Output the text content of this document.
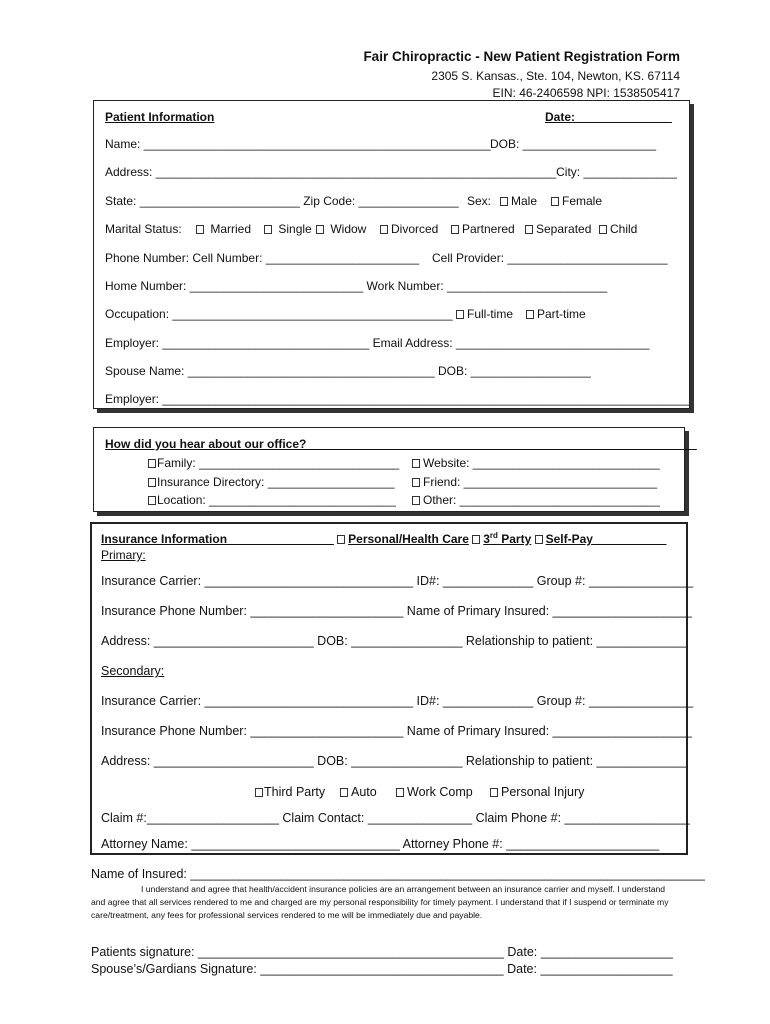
Fair Chiropractic - New Patient Registration Form
2305 S. Kansas., Ste. 104, Newton, KS. 67114
EIN: 46-2406598 NPI: 1538505417
Patient Information	Date: ______________
Name: ____________________________________________________ DOB: ____________________
Address: ____________________________________________________________City: ______________
State: ________________________ Zip Code: _______________ Sex:	Male	Female
Marital Status:	Married	Single	Widow	Divorced	Partnered	Separated	Child
Phone Number: Cell Number: _______________________ Cell Provider: ________________________
Home Number: __________________________ Work Number: ________________________
Occupation: __________________________________________	Full-time	Part-time
Employer: _______________________________ Email Address: _____________________________
Spouse Name: _____________________________________ DOB: __________________
Employer: _______________________________________________________________________________
How did you hear about our office? __________________________________________________________
Family: ______________________________	Website: ____________________________
Insurance Directory: ___________________	Friend: _____________________________
Location: ____________________________	Other: ______________________________
Insurance Information________________ Personal/Health Care 3rd Party Self-Pay___________
Primary:
Insurance Carrier: ______________________________ ID#: _____________ Group #: _______________
Insurance Phone Number: ______________________ Name of Primary Insured: ____________________
Address: _______________________ DOB: ________________ Relationship to patient: _____________
Secondary:
Insurance Carrier: ______________________________ ID#: _____________ Group #: _______________
Insurance Phone Number: ______________________ Name of Primary Insured: ____________________
Address: _______________________ DOB: ________________ Relationship to patient: _____________
Third Party	Auto	Work Comp	Personal Injury
Claim #:___________________ Claim Contact: _______________ Claim Phone #: __________________
Attorney Name: ______________________________ Attorney Phone #: ______________________
Name of Insured: __________________________________________________________________________
I understand and agree that health/accident insurance policies are an arrangement between an insurance carrier and myself. I understand and agree that all services rendered to me and charged are my personal responsibility for timely payment. I understand that if I suspend or terminate my care/treatment, any fees for professional services rendered to me will be immediately due and payable.
Patients signature: ____________________________________________ Date: ___________________
Spouse’s/Gardians Signature: ___________________________________ Date: ___________________
